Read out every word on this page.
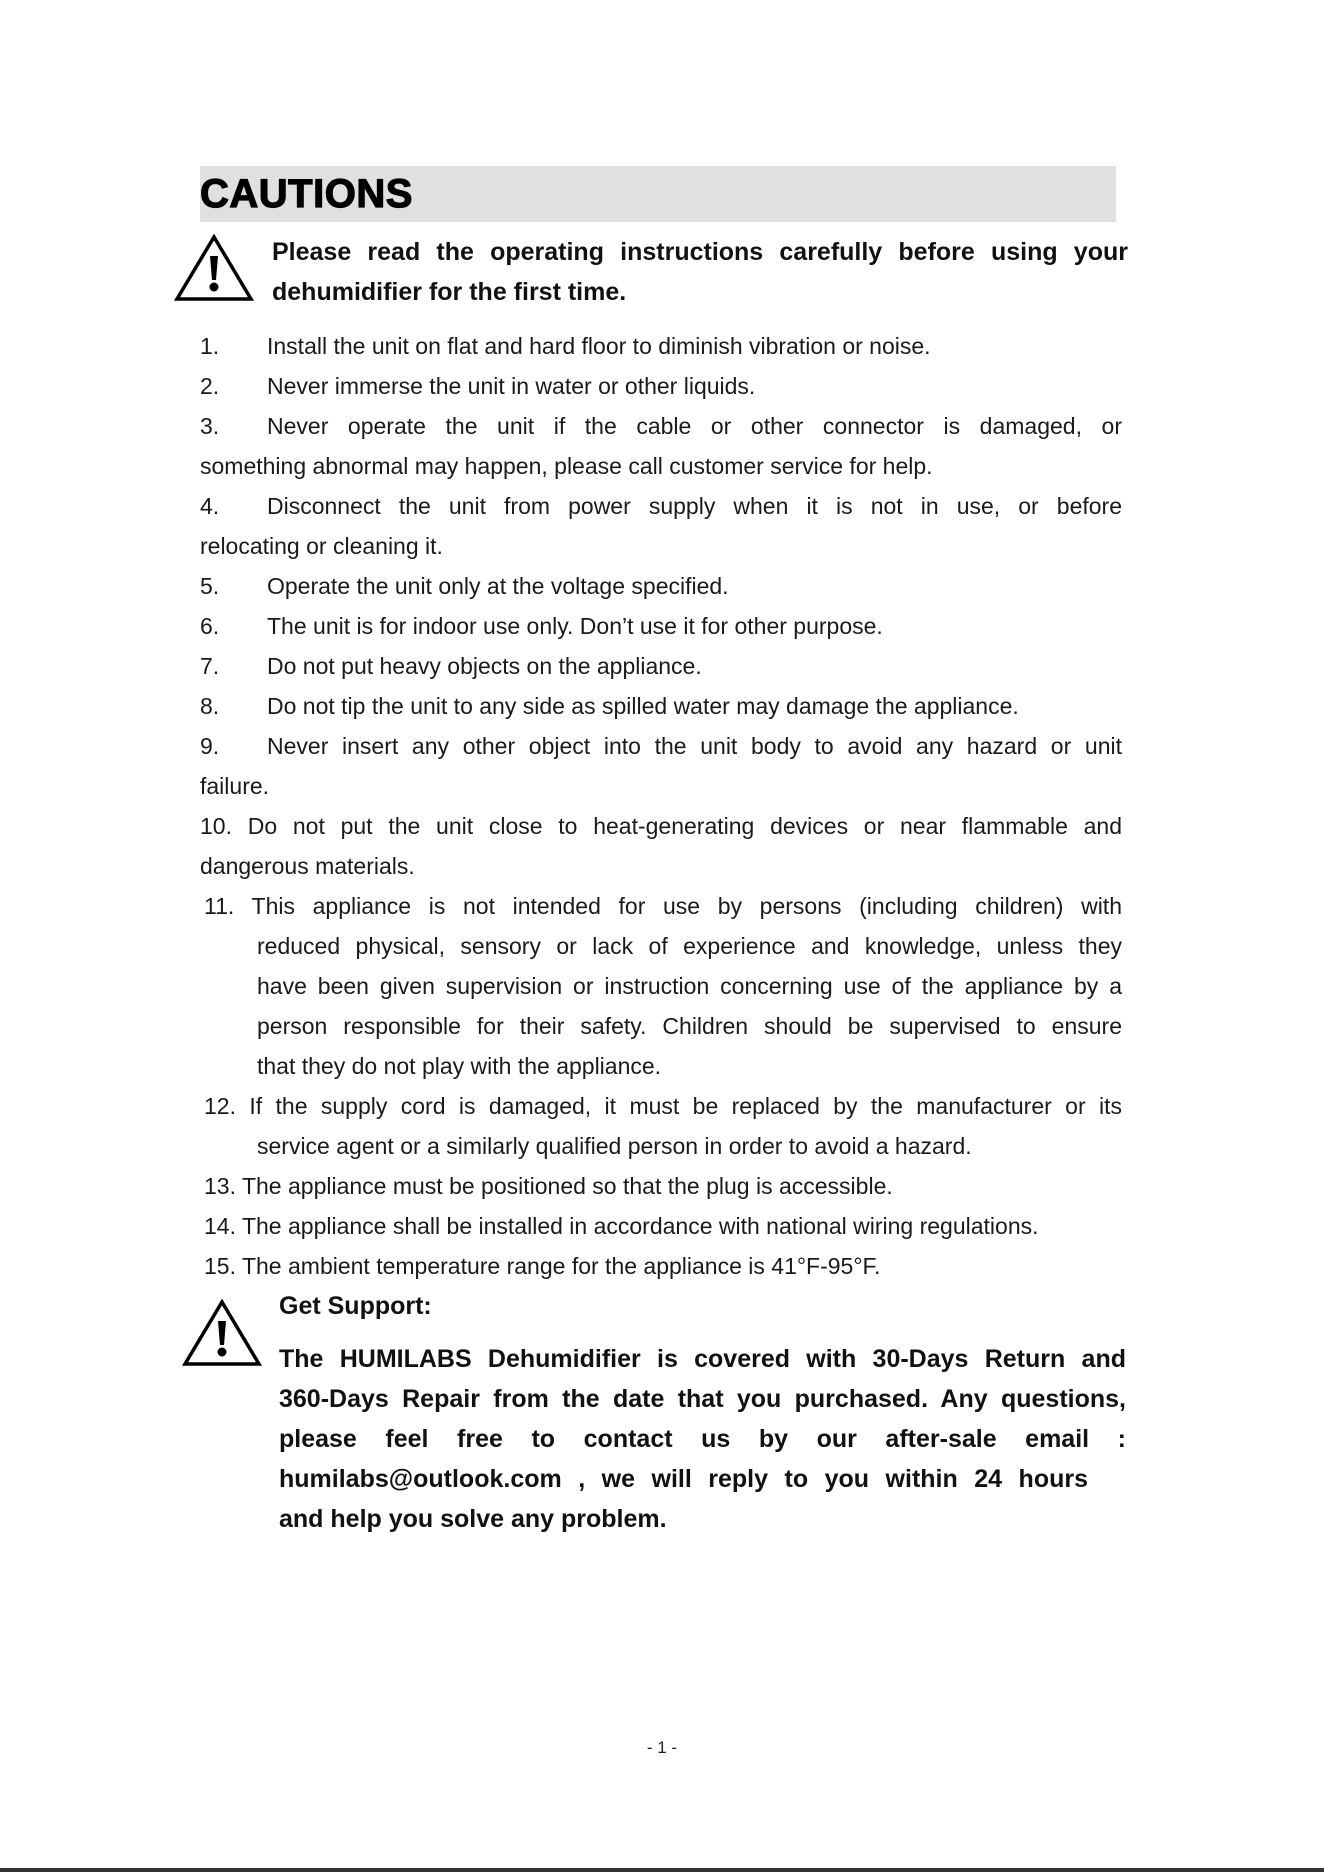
CAUTIONS
Please read the operating instructions carefully before using your
dehumidifier for the first time.
1. Install the unit on flat and hard floor to diminish vibration or noise.
2. Never immerse the unit in water or other liquids.
3. Never operate the unit if the cable or other connector is damaged, or
something abnormal may happen, please call customer service for help.
4. Disconnect the unit from power supply when it is not in use, or before
relocating or cleaning it.
5. Operate the unit only at the voltage specified.
6. The unit is for indoor use only. Don’t use it for other purpose.
7. Do not put heavy objects on the appliance.
8. Do not tip the unit to any side as spilled water may damage the appliance.
9. Never insert any other object into the unit body to avoid any hazard or unit
failure.
10. Do not put the unit close to heat-generating devices or near flammable and
dangerous materials.
11. This appliance is not intended for use by persons (including children) with
reduced physical, sensory or lack of experience and knowledge, unless they
have been given supervision or instruction concerning use of the appliance by a
person responsible for their safety. Children should be supervised to ensure
that they do not play with the appliance.
12. If the supply cord is damaged, it must be replaced by the manufacturer or its
service agent or a similarly qualified person in order to avoid a hazard.
13. The appliance must be positioned so that the plug is accessible.
14. The appliance shall be installed in accordance with national wiring regulations.
15. The ambient temperature range for the appliance is 41°F-95°F.
Get Support:
The HUMILABS Dehumidifier is covered with 30-Days Return and
360-Days Repair from the date that you purchased. Any questions,
please feel free to contact us by our after-sale email :
humilabs@outlook.com , we will reply to you within 24 hours
and help you solve any problem.
- 1 -
